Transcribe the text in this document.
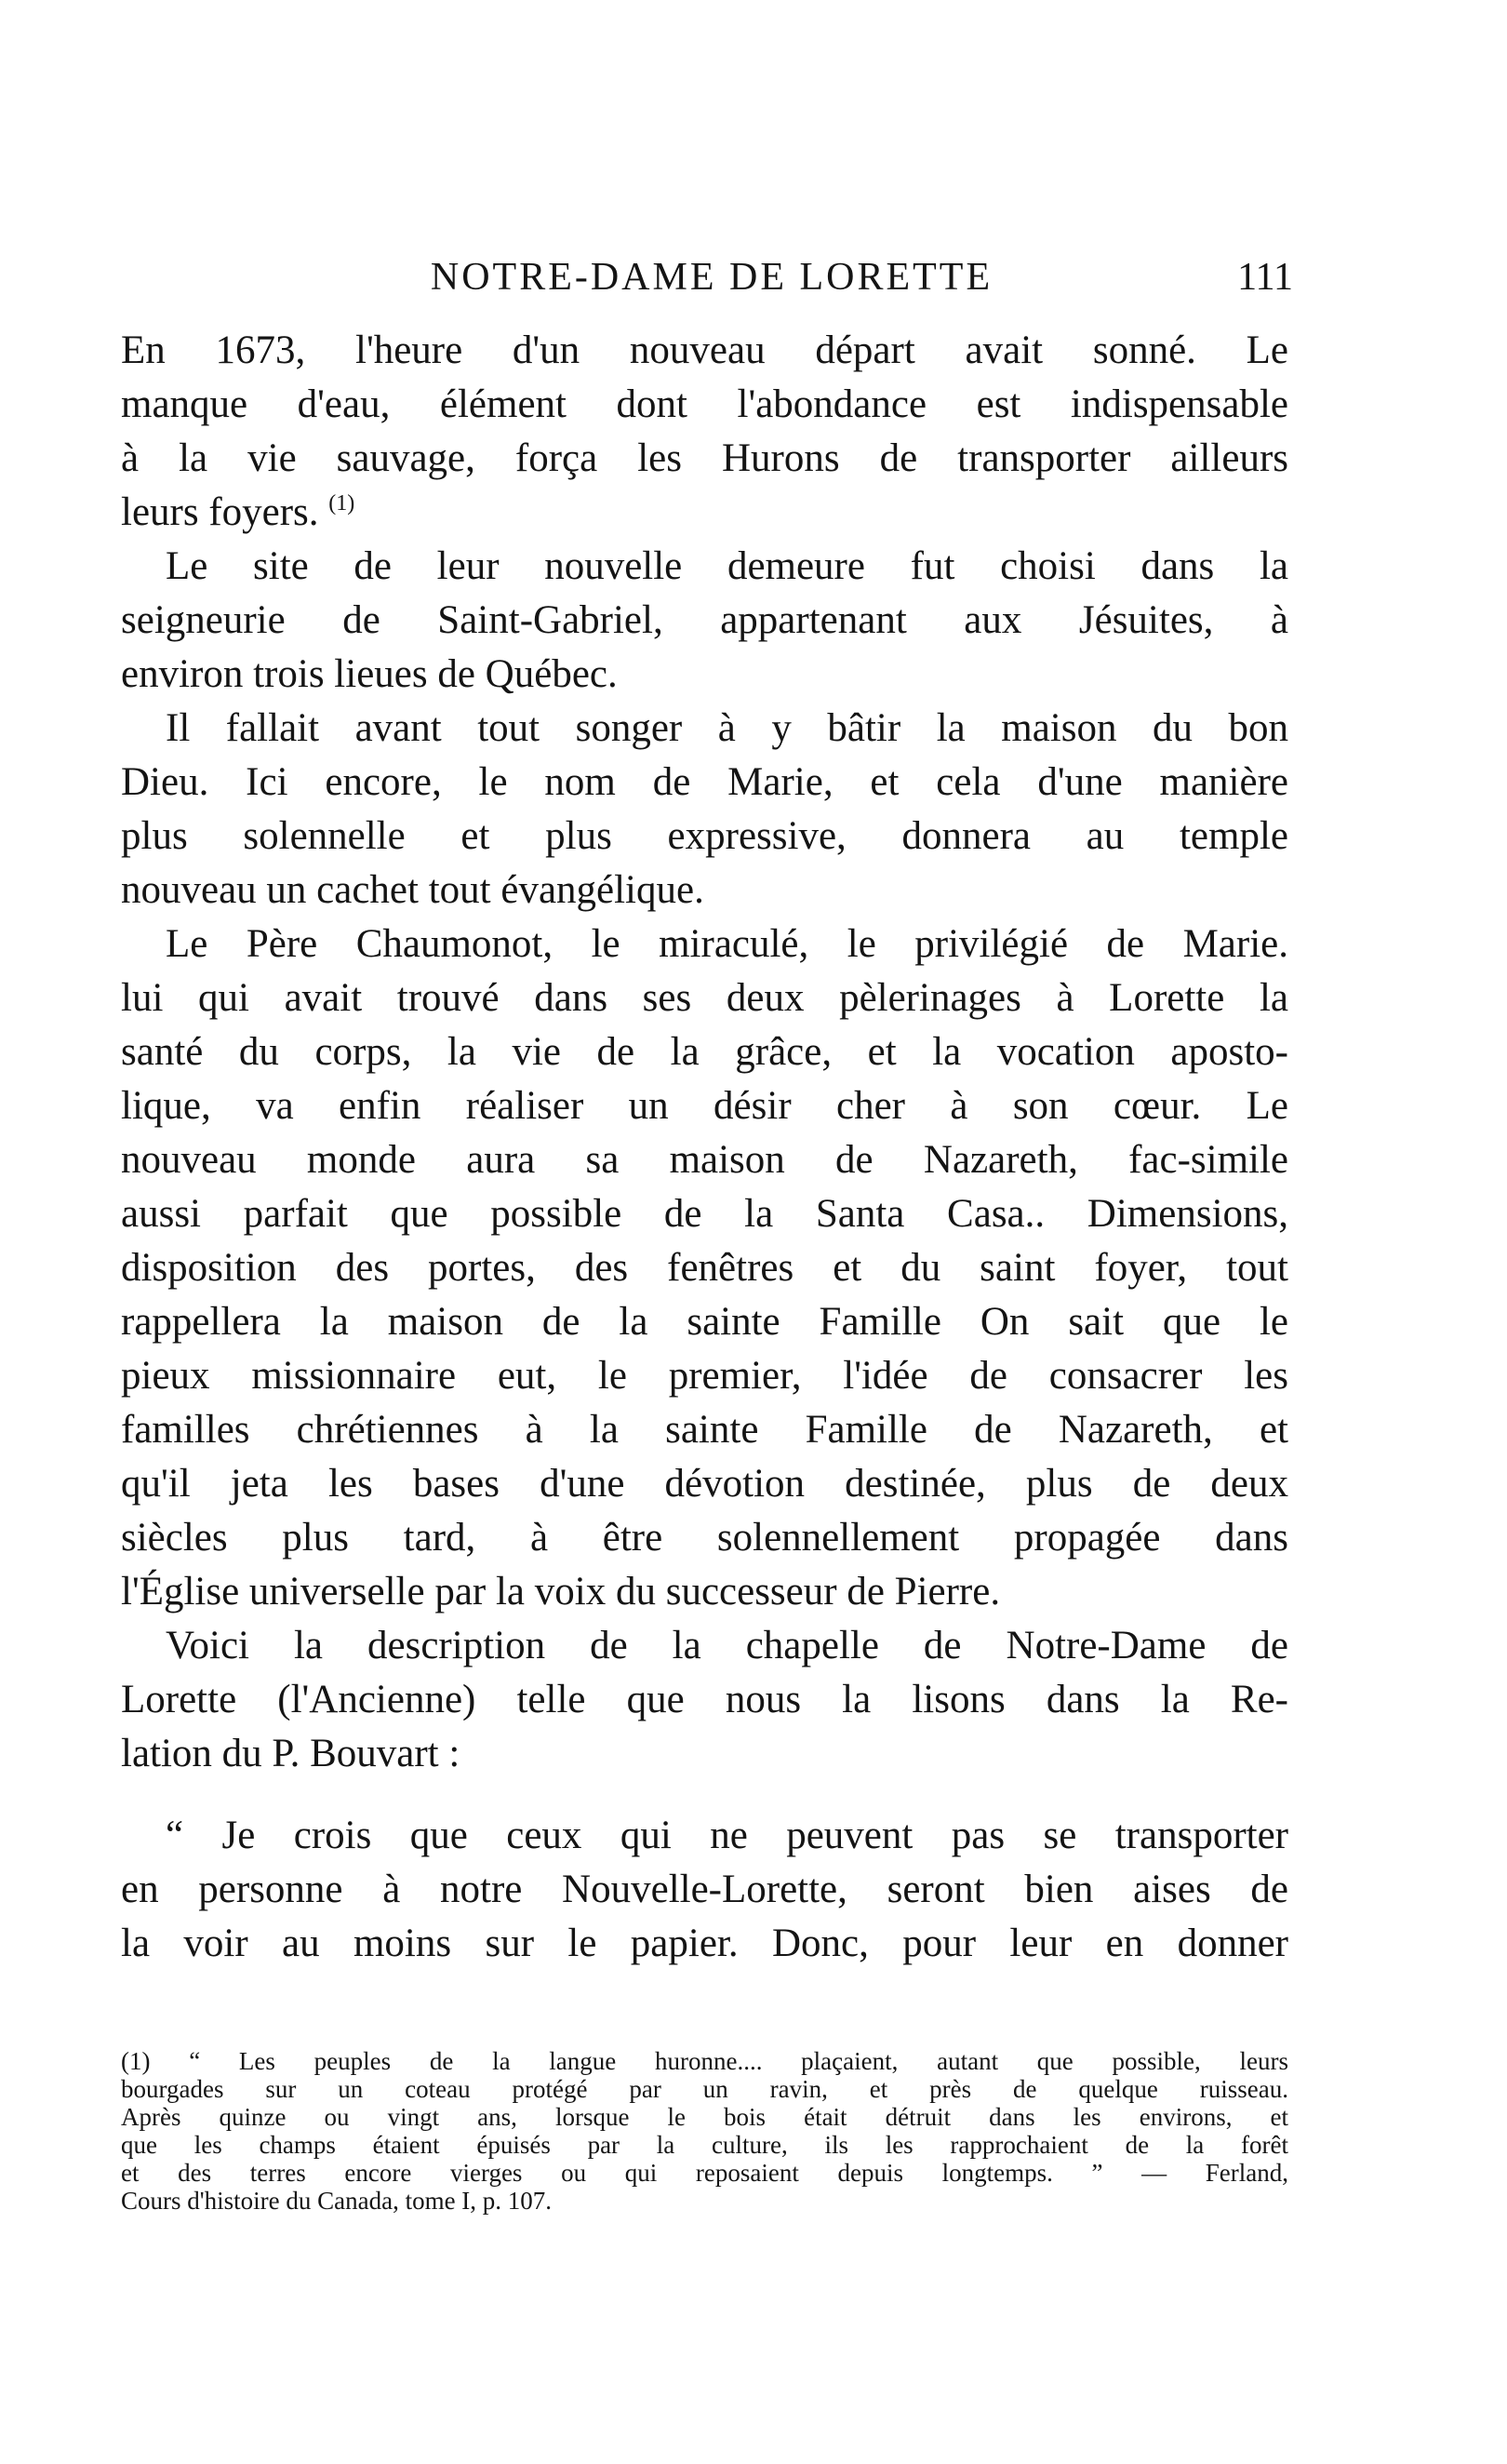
NOTRE-DAME DE LORETTE	111
En 1673, l'heure d'un nouveau départ avait sonné. Le
manque d'eau, élément dont l'abondance est indispensable
à la vie sauvage, força les Hurons de transporter ailleurs
leurs foyers. $^{(1)}$
Le site de leur nouvelle demeure fut choisi dans la
seigneurie de Saint-Gabriel, appartenant aux Jésuites, à
environ trois lieues de Québec.
Il fallait avant tout songer à y bâtir la maison du bon
Dieu. Ici encore, le nom de Marie, et cela d'une manière
plus solennelle et plus expressive, donnera au temple
nouveau un cachet tout évangélique.
Le Père Chaumonot, le miraculé, le privilégié de Marie.
lui qui avait trouvé dans ses deux pèlerinages à Lorette la
santé du corps, la vie de la grâce, et la vocation aposto-
lique, va enfin réaliser un désir cher à son cœur. Le
nouveau monde aura sa maison de Nazareth, fac-simile
aussi parfait que possible de la Santa Casa.. Dimensions,
disposition des portes, des fenêtres et du saint foyer, tout
rappellera la maison de la sainte Famille On sait que le
pieux missionnaire eut, le premier, l'idée de consacrer les
familles chrétiennes à la sainte Famille de Nazareth, et
qu'il jeta les bases d'une dévotion destinée, plus de deux
siècles plus tard, à être solennellement propagée dans
l'Église universelle par la voix du successeur de Pierre.
Voici la description de la chapelle de Notre-Dame de
Lorette (l'Ancienne) telle que nous la lisons dans la Re-
lation du P. Bouvart :
“ Je crois que ceux qui ne peuvent pas se transporter
en personne à notre Nouvelle-Lorette, seront bien aises de
la voir au moins sur le papier. Donc, pour leur en donner
(1) “ Les peuples de la langue huronne.... plaçaient, autant que possible, leurs
bourgades sur un coteau protégé par un ravin, et près de quelque ruisseau.
Après quinze ou vingt ans, lorsque le bois était détruit dans les environs, et
que les champs étaient épuisés par la culture, ils les rapprochaient de la forêt
et des terres encore vierges ou qui reposaient depuis longtemps. ” — Ferland,
Cours d'histoire du Canada, tome I, p. 107.
